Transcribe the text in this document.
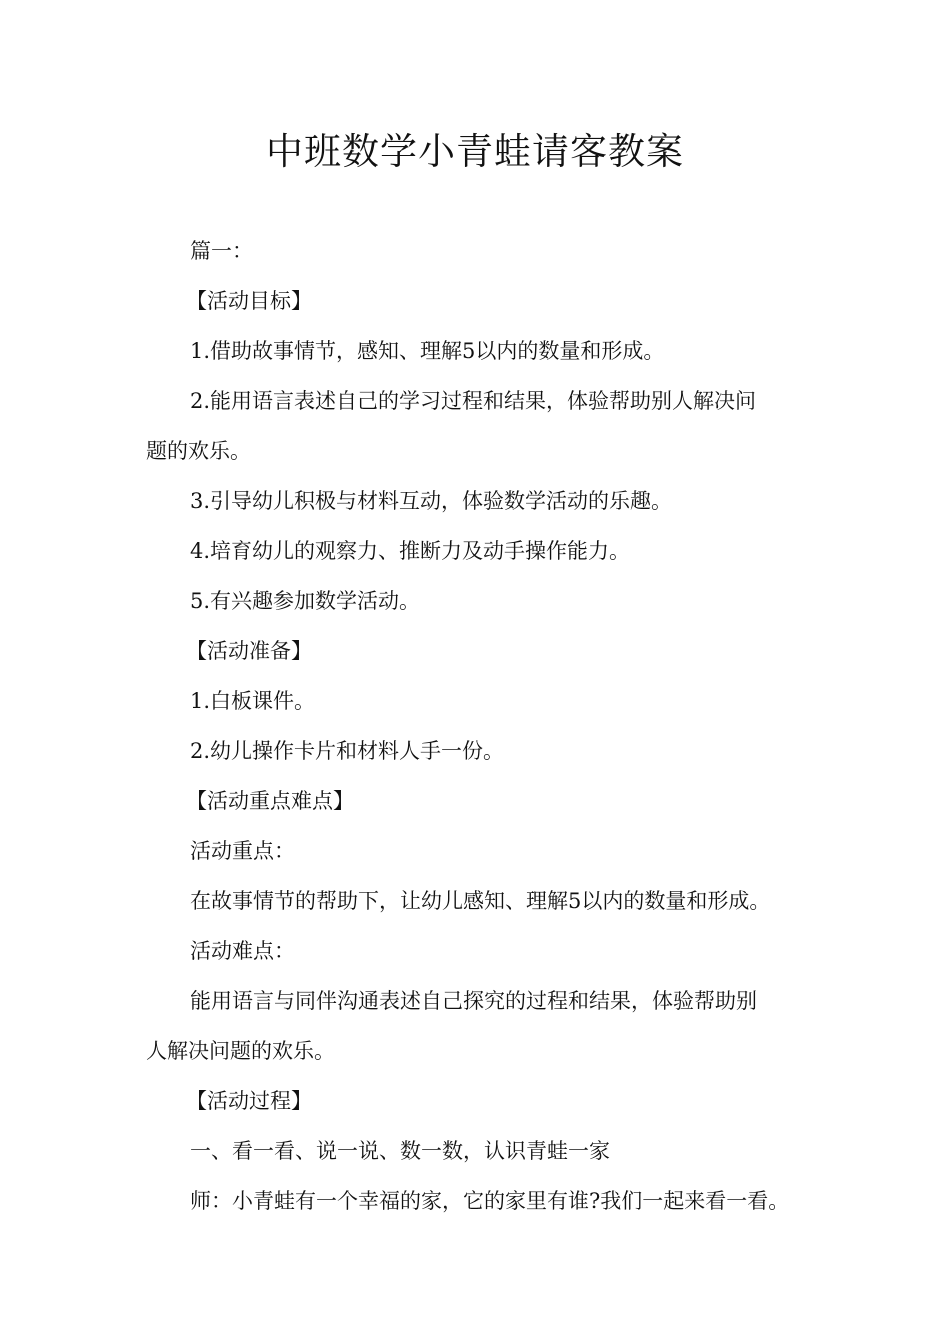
中班数学小青蛙请客教案

篇一：

【活动目标】

1.借助故事情节，感知、理解5以内的数量和形成。

2.能用语言表述自己的学习过程和结果，体验帮助别人解决问

题的欢乐。

3.引导幼儿积极与材料互动，体验数学活动的乐趣。

4.培育幼儿的观察力、推断力及动手操作能力。

5.有兴趣参加数学活动。

【活动准备】

1.白板课件。

2.幼儿操作卡片和材料人手一份。

【活动重点难点】

活动重点：

在故事情节的帮助下，让幼儿感知、理解5以内的数量和形成。

活动难点：

能用语言与同伴沟通表述自己探究的过程和结果，体验帮助别

人解决问题的欢乐。

【活动过程】

一、看一看、说一说、数一数，认识青蛙一家

师：小青蛙有一个幸福的家，它的家里有谁?我们一起来看一看。
